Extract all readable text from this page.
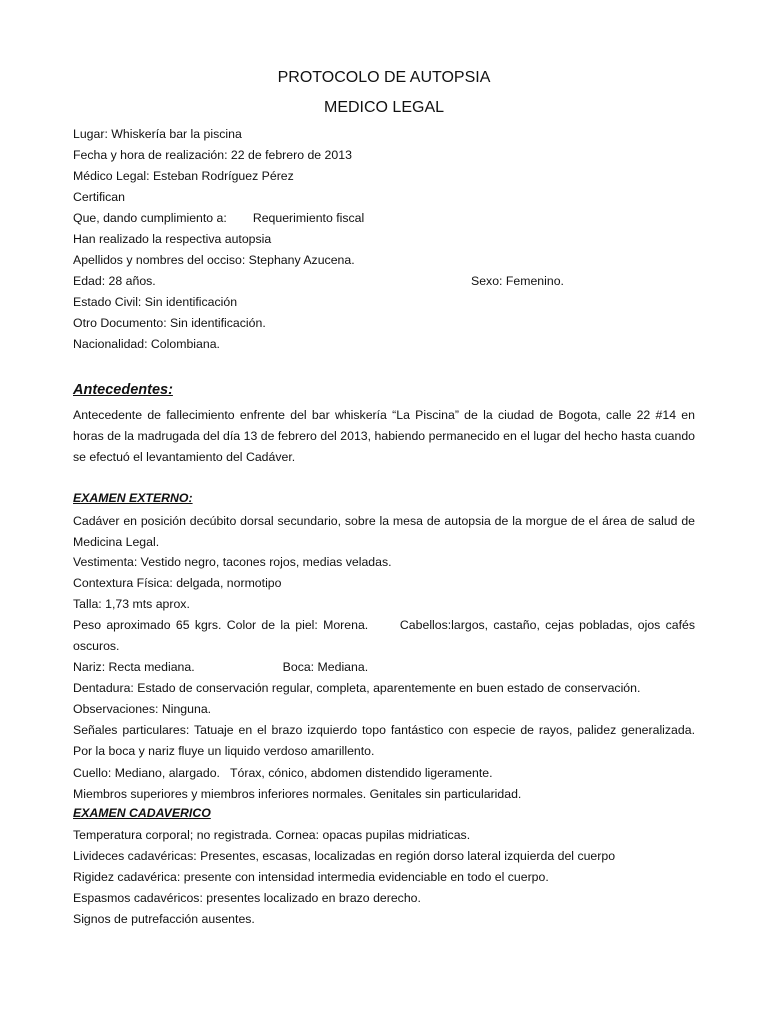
PROTOCOLO DE AUTOPSIA
MEDICO LEGAL
Lugar: Whiskería bar la piscina
Fecha y hora de realización: 22 de febrero de 2013
Médico Legal: Esteban Rodríguez Pérez
Certifican
Que, dando cumplimiento a: Requerimiento fiscal
Han realizado la respectiva autopsia
Apellidos y nombres del occiso: Stephany Azucena.
Edad: 28 años.	Sexo: Femenino.
Estado Civil: Sin identificación
Otro Documento: Sin identificación.
Nacionalidad: Colombiana.
Antecedentes:
Antecedente de fallecimiento enfrente del bar whiskería “La Piscina” de la ciudad de Bogota, calle 22 #14 en horas de la madrugada del día 13 de febrero del 2013, habiendo permanecido en el lugar del hecho hasta cuando se efectuó el levantamiento del Cadáver.
EXAMEN EXTERNO:
Cadáver en posición decúbito dorsal secundario, sobre la mesa de autopsia de la morgue de el área de salud de Medicina Legal.
Vestimenta: Vestido negro, tacones rojos, medias veladas.
Contextura Física: delgada, normotipo
Talla: 1,73 mts aprox.
Peso aproximado 65 kgrs. Color de la piel: Morena.      Cabellos:largos, castaño, cejas pobladas, ojos cafés oscuros.
Nariz: Recta mediana.	Boca: Mediana.
Dentadura: Estado de conservación regular, completa, aparentemente en buen estado de conservación.
Observaciones: Ninguna.
Señales particulares: Tatuaje en el brazo izquierdo topo fantástico con especie de rayos, palidez generalizada. Por la boca y nariz fluye un liquido verdoso amarillento.
Cuello: Mediano, alargado.   Tórax, cónico, abdomen distendido ligeramente.
Miembros superiores y miembros inferiores normales. Genitales sin particularidad.
EXAMEN CADAVERICO
Temperatura corporal; no registrada. Cornea: opacas pupilas midriaticas.
Livideces cadavéricas: Presentes, escasas, localizadas en región dorso lateral izquierda del cuerpo
Rigidez cadavérica: presente con intensidad intermedia evidenciable en todo el cuerpo.
Espasmos cadavéricos: presentes localizado en brazo derecho.
Signos de putrefacción ausentes.
